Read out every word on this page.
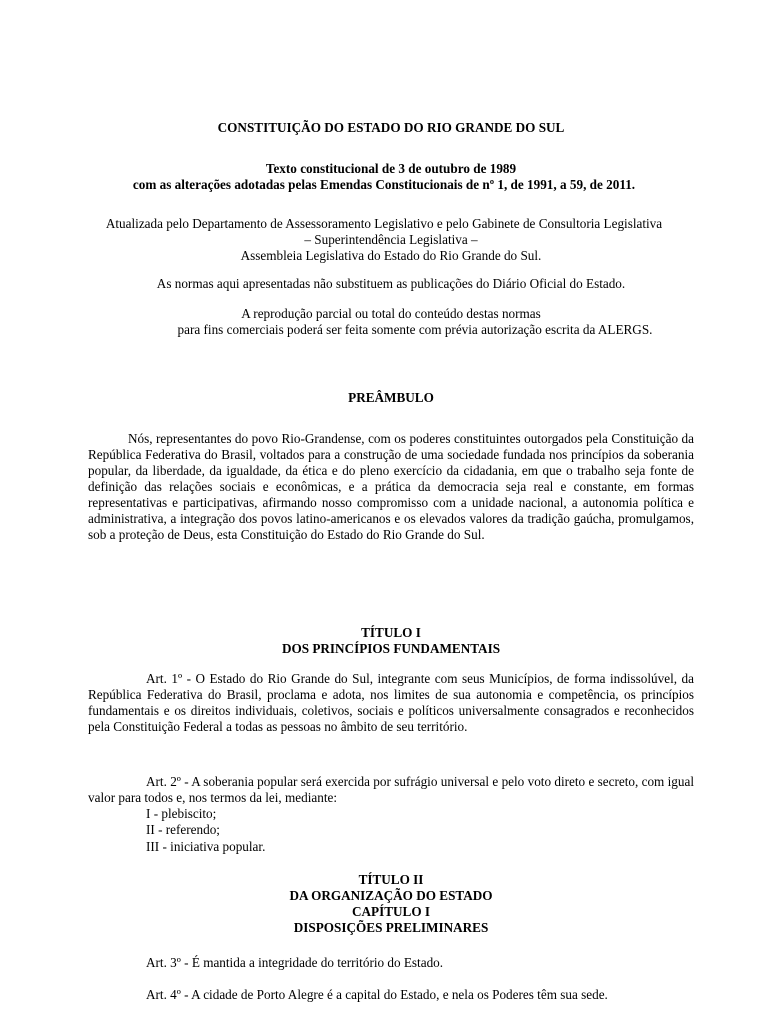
CONSTITUIÇÃO DO ESTADO DO RIO GRANDE DO SUL
Texto constitucional de 3 de outubro de 1989
com as alterações adotadas pelas Emendas Constitucionais de nº 1, de 1991, a 59, de 2011.
Atualizada pelo Departamento de Assessoramento Legislativo e pelo Gabinete de Consultoria Legislativa
– Superintendência Legislativa –
Assembleia Legislativa do Estado do Rio Grande do Sul.
As normas aqui apresentadas não substituem as publicações do Diário Oficial do Estado.
A reprodução parcial ou total do conteúdo destas normas
para fins comerciais poderá ser feita somente com prévia autorização escrita da ALERGS.
PREÂMBULO
Nós, representantes do povo Rio-Grandense, com os poderes constituintes outorgados pela Constituição da República Federativa do Brasil, voltados para a construção de uma sociedade fundada nos princípios da soberania popular, da liberdade, da igualdade, da ética e do pleno exercício da cidadania, em que o trabalho seja fonte de definição das relações sociais e econômicas, e a prática da democracia seja real e constante, em formas representativas e participativas, afirmando nosso compromisso com a unidade nacional, a autonomia política e administrativa, a integração dos povos latino-americanos e os elevados valores da tradição gaúcha, promulgamos, sob a proteção de Deus, esta Constituição do Estado do Rio Grande do Sul.
TÍTULO I
DOS PRINCÍPIOS FUNDAMENTAIS
Art. 1º - O Estado do Rio Grande do Sul, integrante com seus Municípios, de forma indissolúvel, da República Federativa do Brasil, proclama e adota, nos limites de sua autonomia e competência, os princípios fundamentais e os direitos individuais, coletivos, sociais e políticos universalmente consagrados e reconhecidos pela Constituição Federal a todas as pessoas no âmbito de seu território.
Art. 2º - A soberania popular será exercida por sufrágio universal e pelo voto direto e secreto, com igual valor para todos e, nos termos da lei, mediante:
I - plebiscito;
II - referendo;
III - iniciativa popular.
TÍTULO II
DA ORGANIZAÇÃO DO ESTADO
CAPÍTULO I
DISPOSIÇÕES PRELIMINARES
Art. 3º - É mantida a integridade do território do Estado.
Art. 4º - A cidade de Porto Alegre é a capital do Estado, e nela os Poderes têm sua sede.
